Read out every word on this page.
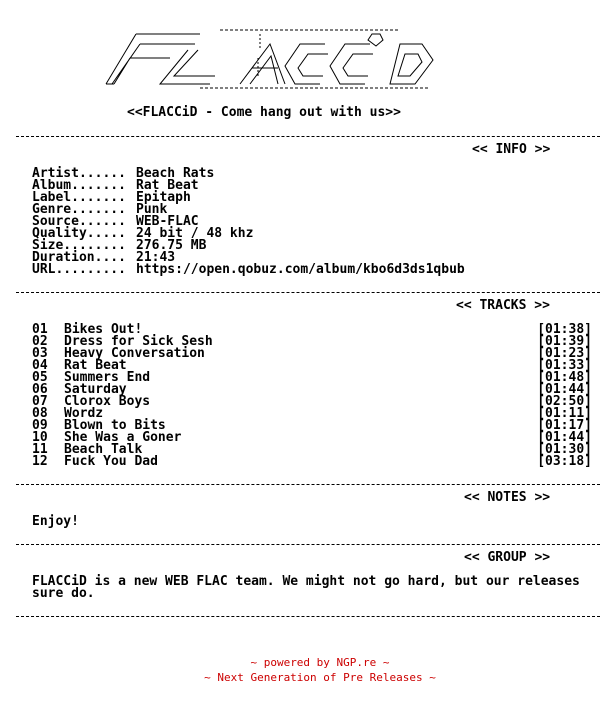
<<FLACCiD - Come hang out with us>>
<< INFO >>
Artist...... Beach Rats
Album....... Rat Beat
Label....... Epitaph
Genre....... Punk
Source...... WEB-FLAC
Quality..... 24 bit / 48 khz
Size........ 276.75 MB
Duration.... 21:43
URL......... https://open.qobuz.com/album/kbo6d3ds1qbub
<< TRACKS >>
01 Bikes Out!	[01:38]
02 Dress for Sick Sesh	[01:39]
03 Heavy Conversation	[01:23]
04 Rat Beat	[01:33]
05 Summers End	[01:48]
06 Saturday	[01:44]
07 Clorox Boys	[02:50]
08 Wordz	[01:11]
09 Blown to Bits	[01:17]
10 She Was a Goner	[01:44]
11 Beach Talk	[01:30]
12 Fuck You Dad	[03:18]
<< NOTES >>
Enjoy!
<< GROUP >>
FLACCiD is a new WEB FLAC team. We might not go hard, but our releases sure do.
~ powered by NGP.re ~
~ Next Generation of Pre Releases ~
